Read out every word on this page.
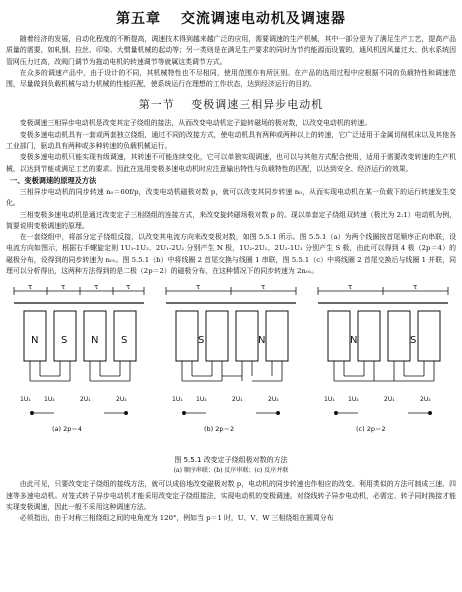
第五章 交流调速电动机及调速器

随着经济的发展，自动化程度的不断提高，调速技术得到越来越广泛的应用，需要调速的生产机械，其中一部分是为了满足生产工艺，提高产品质量的需要，如轧钢、拉丝、印染、大惯量机械的起动等；另一类则是在满足生产要求的同时为节约能源而设置的，通风机因风量过大、供水系统因管网压力过高，改阀门调节为拖动电机的转速调节等就属这类调节方式。

在众多的调速产品中，由于设计的不同，其机械特性也不尽相同，使用范围亦有所区别。在产品的选用过程中应根据不同的负载特性和调速范围，尽量做到负载机械与动力机械的性能匹配，使系统运行在理想的工作状态，达到经济运行的目的。

第一节 变极调速三相异步电动机

变极调速三相异步电动机是改变其定子绕组的接法，从而改变电动机定子旋转磁场的极对数，以改变电动机的转速。

变极多速电动机具有一套或两套独立绕组，通过不同的改接方式，使电动机具有两种或两种以上的转速，它广泛适用于金属切削机床以及其他各工业部门，驱动具有两种或多种转速的负载机械运行。

变极多速电动机只能实现有级调速，其转速不可能连续变化，它可以单独实现调速，也可以与其他方式配合使用，适用于需要改变转速的生产机械，以达到节能或满足工艺的要求。因此在选用变极多速电动机时应注意输出特性与负载特性的匹配，以达到安全、经济运行的效果。

一、变极调速的原理及方法

三相异步电动机的同步转速 n₀＝60f/p，改变电动机磁极对数 p，就可以改变其同步转速 n₀，从而实现电动机在某一负载下的运行转速发生变化。

三相变极多速电动机是通过改变定子三相绕组的连接方式，来改变旋转磁场极对数 p 的。现以单套定子绕组双转速（极比为 2:1）电动机为例，简要说明变极调速的原理。

在一套绕组中，将部分定子绕组反接，以改变其电流方向来改变极对数，如图 5.5.1 所示。图 5.5.1（a）为两个线圈按首尾顺序正向串联，设电流方向如图示，根据右手螺旋定则 1U₁-1U₂、2U₁-2U₂ 分别产生 N 极，1U₂-2U₁、2U₂-1U₁ 分别产生 S 极，由此可以得到 4 极（2p＝4）的磁极分布，设得到的同步转速为 n₀₁。图 5.5.1（b）中将线圈 2 首尾交换与线圈 1 串联，图 5.5.1（c）中将线圈 2 首尾交换后与线圈 1 并联，同理可以分析得出，这两种方法得到的是二极（2p＝2）的磁极分布，在这种情况下的同步转速为 2n₀₁。

τ	τ	τ	τ
N S N S
1U₁ 1U₂	2U₁	2U₂
τ	τ
S	N
1U₁ 1U₂	2U₁	2U₂
τ	τ
N	S
1U₁ 1U₂	2U₁	2U₂
(a) 2p＝4	(b) 2p＝2	(c) 2p＝2
图 5.5.1 改变定子绕组极对数的方法
(a) 顺序串联；(b) 反序串联；(c) 反序并联

由此可见，只要改变定子绕组的接线方法，就可以成倍地改变磁极对数 p，电动机的同步转速也作相应的改变。利用类似的方法可制成三速、四速等多速电动机。对笼式转子异步电动机才能采用改变定子绕组接法，实现电动机的变极调速。对绕线转子异步电动机，必需定、转子同时换接才能实现变极调速，因此一般不采用这种调速方法。

必须指出，由于对称三相绕组之间的电角度为 120°，例如当 p＝1 时，U、V、W 三相绕组在圆周分布
